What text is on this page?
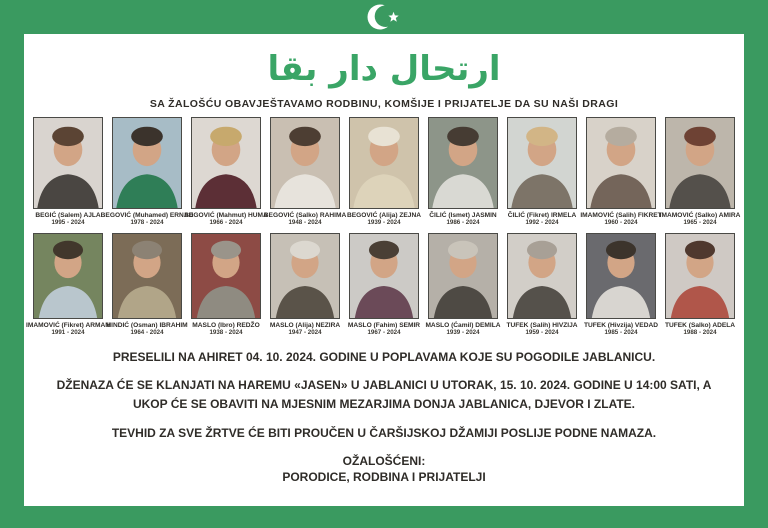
ارتحال دار بقا
SA ŽALOŠĆU OBAVJEŠTAVAMO RODBINU, KOMŠIJE I PRIJATELJE DA SU NAŠI DRAGI
BEGIĆ (Salem) AJLA
1995 - 2024
BEGOVIĆ (Muhamed) ERNAD
1978 - 2024
BEGOVIĆ (Mahmut) HUMA
1966 - 2024
BEGOVIĆ (Salko) RAHIMA
1948 - 2024
BEGOVIĆ (Alija) ZEJNA
1939 - 2024
ČILIĆ (Ismet) JASMIN
1986 - 2024
ČILIĆ (Fikret) IRMELA
1992 - 2024
IMAMOVIĆ (Salih) FIKRET
1960 - 2024
IMAMOVIĆ (Salko) AMIRA
1965 - 2024
IMAMOVIĆ (Fikret) ARMAN
1991 - 2024
HINDIĆ (Osman) IBRAHIM
1964 - 2024
MASLO (Ibro) REDŽO
1938 - 2024
MASLO (Alija) NEZIRA
1947 - 2024
MASLO (Fahim) SEMIR
1967 - 2024
MASLO (Ćamil) DEMILA
1939 - 2024
TUFEK (Salih) HIVZIJA
1959 - 2024
TUFEK (Hivzija) VEDAD
1985 - 2024
TUFEK (Salko) ADELA
1988 - 2024

PRESELILI NA AHIRET 04. 10. 2024. GODINE U POPLAVAMA KOJE SU POGODILE JABLANICU.

DŽENAZA ĆE SE KLANJATI NA HAREMU «JASEN» U JABLANICI U UTORAK, 15. 10. 2024. GODINE U 14:00 SATI, A UKOP ĆE SE OBAVITI NA MJESNIM MEZARJIMA DONJA JABLANICA, DJEVOR I ZLATE.

TEVHID ZA SVE ŽRTVE ĆE BITI PROUČEN U ČARŠIJSKOJ DŽAMIJI POSLIJE PODNE NAMAZA.

OŽALOŠĆENI:

PORODICE, RODBINA I PRIJATELJI
